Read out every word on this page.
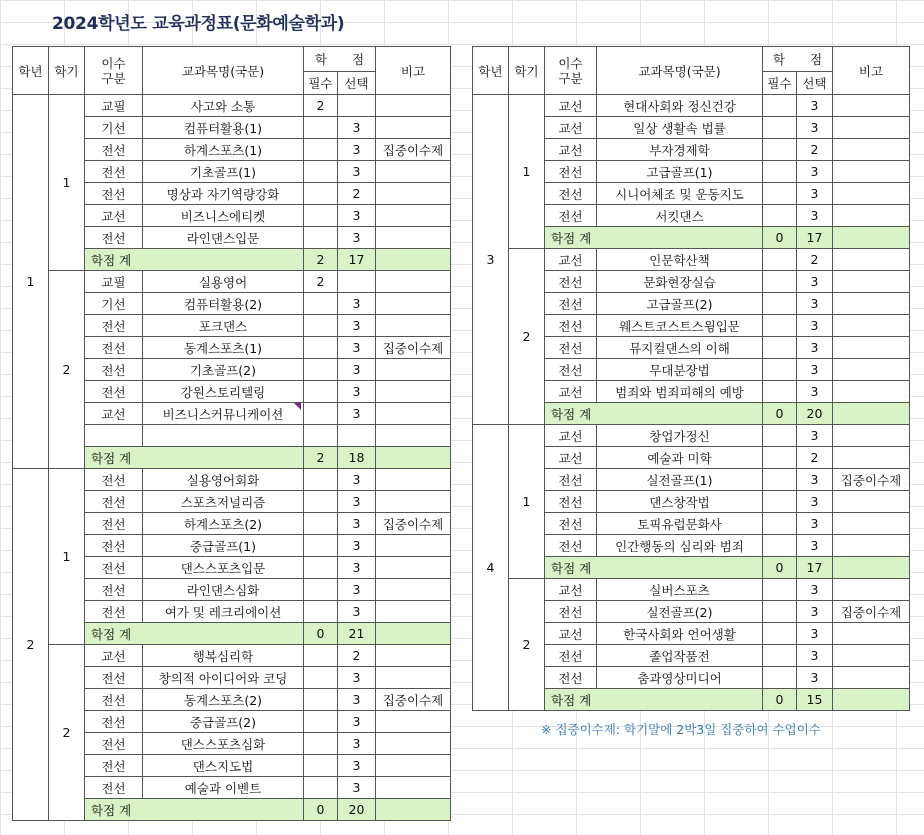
2024학년도 교육과정표(문화예술학과)
학년	학기	이수
구분	교과목명(국문)	학　　점		비고
				필수	선택	
1	1	교필	사고와 소통	2		
		기선	컴퓨터활용(1)		3	
		전선	하계스포츠(1)		3	집중이수제
		전선	기초골프(1)		3	
		전선	명상과 자기역량강화		2	
		교선	비즈니스에티켓		3	
		전선	라인댄스입문		3	
		학점 계		2	17	
	2	교필	실용영어	2		
		기선	컴퓨터활용(2)		3	
		전선	포크댄스		3	
		전선	동계스포츠(1)		3	집중이수제
		전선	기초골프(2)		3	
		전선	강원스토리텔링		3	
		교선	비즈니스커뮤니케이션		3	

		학점 계		2	18	
2	1	전선	실용영어회화		3	
		전선	스포츠저널리즘		3	
		전선	하계스포츠(2)		3	집중이수제
		전선	중급골프(1)		3	
		전선	댄스스포츠입문		3	
		전선	라인댄스심화		3	
		전선	여가 및 레크리에이션		3	
		학점 계		0	21	
	2	교선	행복심리학		2	
		전선	창의적 아이디어와 코딩		3	
		전선	동계스포츠(2)		3	집중이수제
		전선	중급골프(2)		3	
		전선	댄스스포츠심화		3	
		전선	댄스지도법		3	
		전선	예술과 이벤트		3	
		학점 계		0	20	
학년	학기	이수
구분	교과목명(국문)	학　　점		비고
				필수	선택	
3	1	교선	현대사회와 정신건강		3	
		교선	일상 생활속 법률		3	
		교선	부자경제학		2	
		전선	고급골프(1)		3	
		전선	시니어체조 및 운동지도		3	
		전선	서킷댄스		3	
		학점 계		0	17	
	2	교선	인문학산책		2	
		전선	문화현장실습		3	
		전선	고급골프(2)		3	
		전선	웨스트코스트스윙입문		3	
		전선	뮤지컬댄스의 이해		3	
		전선	무대분장법		3	
		교선	범죄와 범죄피해의 예방		3	
		학점 계		0	20	
4	1	교선	창업가정신		3	
		교선	예술과 미학		2	
		전선	실전골프(1)		3	집중이수제
		전선	댄스창작법		3	
		전선	토픽유럽문화사		3	
		전선	인간행동의 심리와 범죄		3	
		학점 계		0	17	
	2	교선	실버스포츠		3	
		전선	실전골프(2)		3	집중이수제
		교선	한국사회와 언어생활		3	
		전선	졸업작품전		3	
		전선	춤과영상미디어		3	
		학점 계		0	15	
※ 집중이수제: 학기말에 2박3일 집중하여 수업이수
